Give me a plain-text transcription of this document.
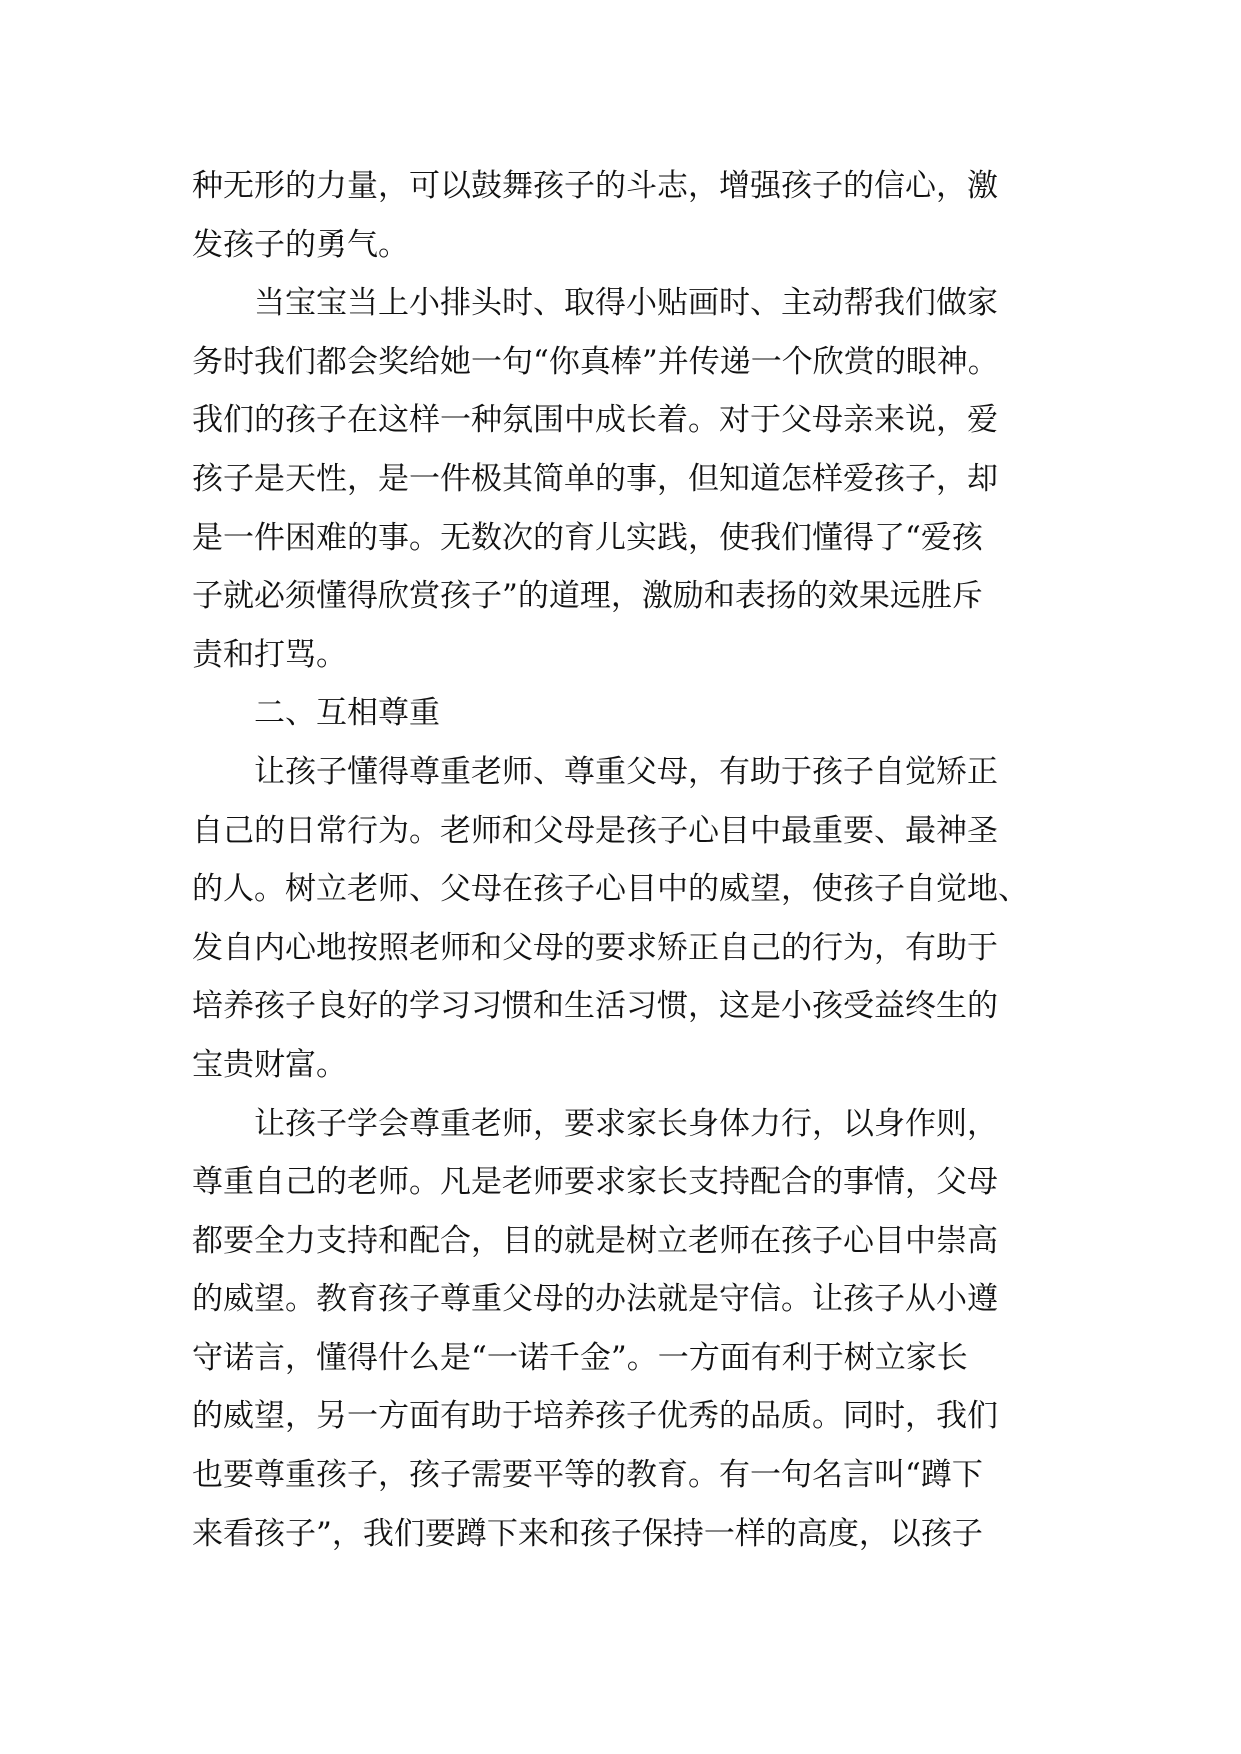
种无形的力量，可以鼓舞孩子的斗志，增强孩子的信心，激
发孩子的勇气。
　　当宝宝当上小排头时、取得小贴画时、主动帮我们做家
务时我们都会奖给她一句“你真棒”并传递一个欣赏的眼神。
我们的孩子在这样一种氛围中成长着。对于父母亲来说，爱
孩子是天性，是一件极其简单的事，但知道怎样爱孩子，却
是一件困难的事。无数次的育儿实践，使我们懂得了“爱孩
子就必须懂得欣赏孩子”的道理，激励和表扬的效果远胜斥
责和打骂。
　　二、互相尊重
　　让孩子懂得尊重老师、尊重父母，有助于孩子自觉矫正
自己的日常行为。老师和父母是孩子心目中最重要、最神圣
的人。树立老师、父母在孩子心目中的威望，使孩子自觉地、
发自内心地按照老师和父母的要求矫正自己的行为，有助于
培养孩子良好的学习习惯和生活习惯，这是小孩受益终生的
宝贵财富。
　　让孩子学会尊重老师，要求家长身体力行，以身作则，
尊重自己的老师。凡是老师要求家长支持配合的事情，父母
都要全力支持和配合，目的就是树立老师在孩子心目中崇高
的威望。教育孩子尊重父母的办法就是守信。让孩子从小遵
守诺言，懂得什么是“一诺千金”。一方面有利于树立家长
的威望，另一方面有助于培养孩子优秀的品质。同时，我们
也要尊重孩子，孩子需要平等的教育。有一句名言叫“蹲下
来看孩子”，我们要蹲下来和孩子保持一样的高度，以孩子
